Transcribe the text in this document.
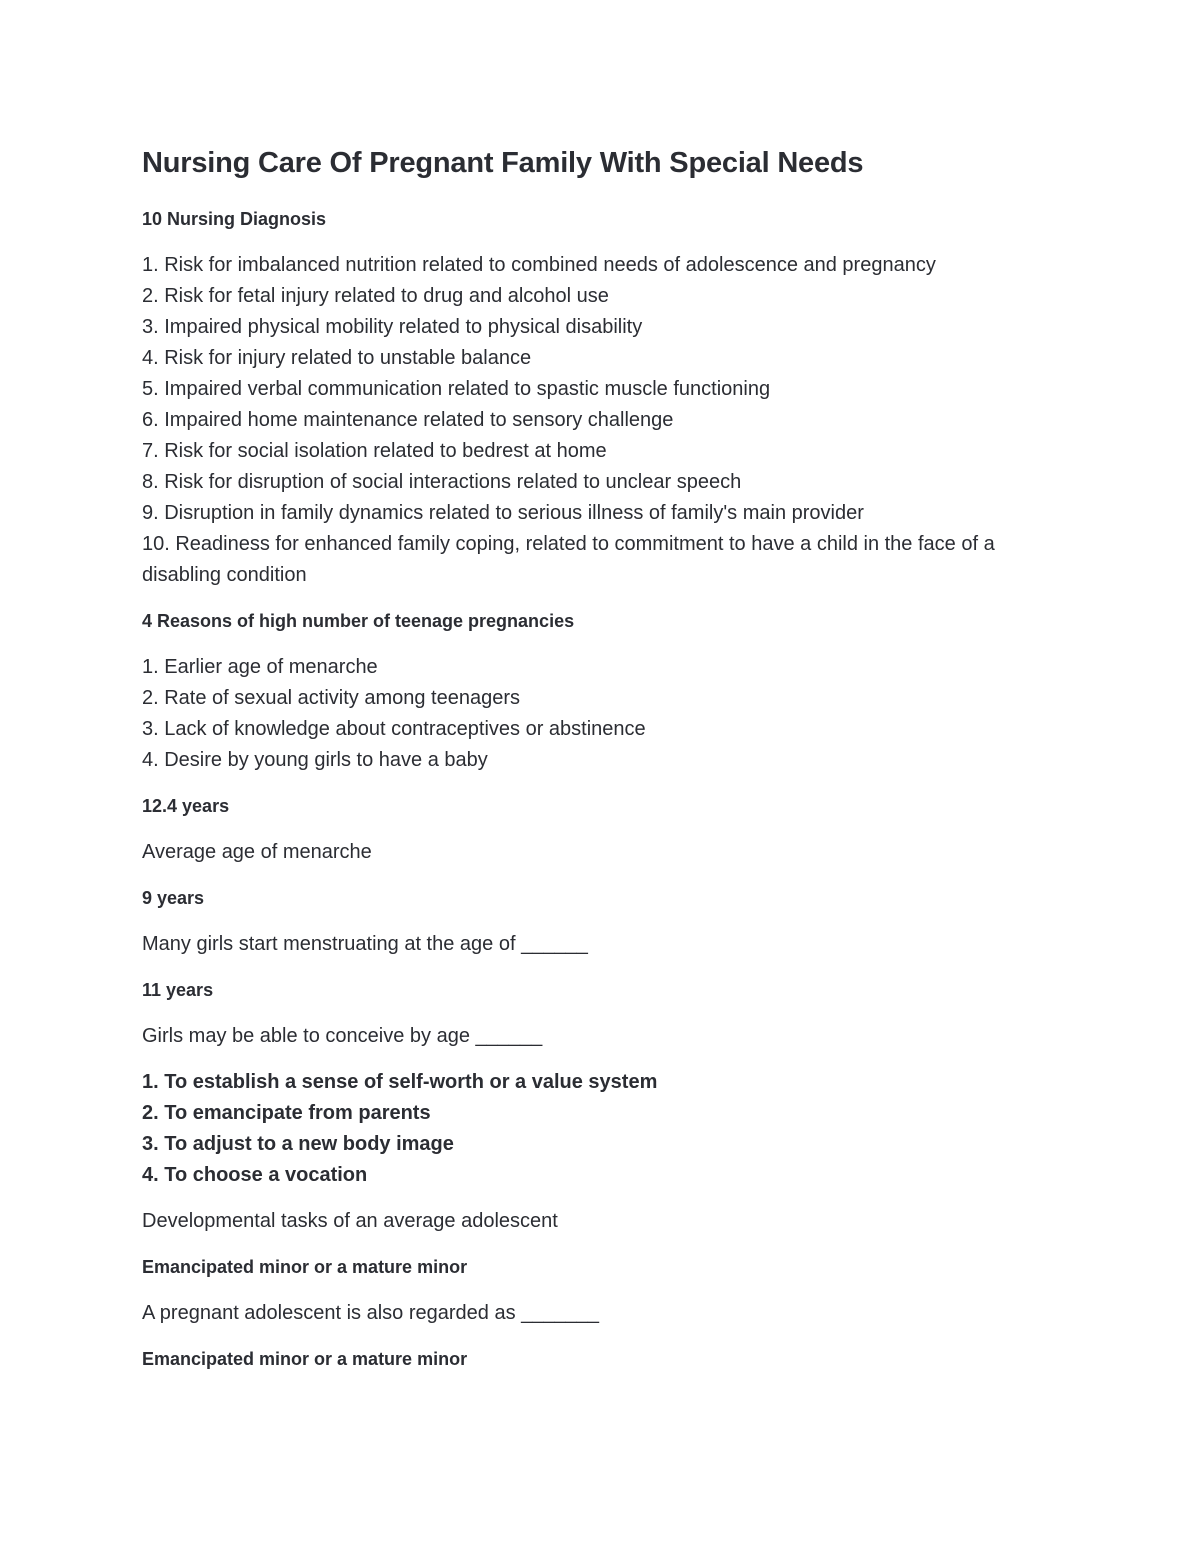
Nursing Care Of Pregnant Family With Special Needs

10 Nursing Diagnosis

1. Risk for imbalanced nutrition related to combined needs of adolescence and pregnancy
2. Risk for fetal injury related to drug and alcohol use
3. Impaired physical mobility related to physical disability
4. Risk for injury related to unstable balance
5. Impaired verbal communication related to spastic muscle functioning
6. Impaired home maintenance related to sensory challenge
7. Risk for social isolation related to bedrest at home
8. Risk for disruption of social interactions related to unclear speech
9. Disruption in family dynamics related to serious illness of family's main provider
10. Readiness for enhanced family coping, related to commitment to have a child in the face of a disabling condition

4 Reasons of high number of teenage pregnancies

1. Earlier age of menarche
2. Rate of sexual activity among teenagers
3. Lack of knowledge about contraceptives or abstinence
4. Desire by young girls to have a baby

12.4 years

Average age of menarche

9 years

Many girls start menstruating at the age of ______

11 years

Girls may be able to conceive by age ______

1. To establish a sense of self-worth or a value system
2. To emancipate from parents
3. To adjust to a new body image
4. To choose a vocation

Developmental tasks of an average adolescent

Emancipated minor or a mature minor

A pregnant adolescent is also regarded as _______

Emancipated minor or a mature minor
